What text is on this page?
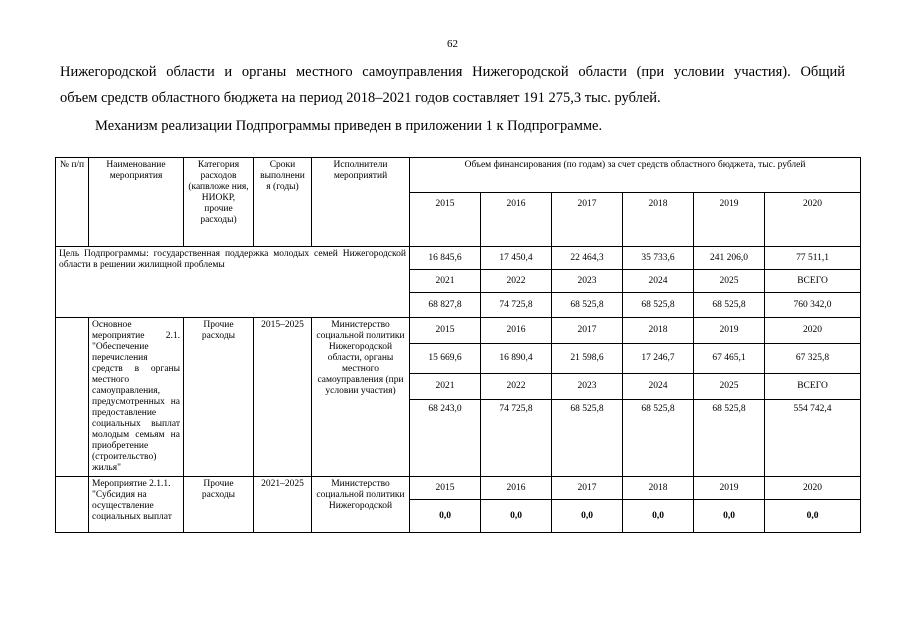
62
Нижегородской области и органы местного самоуправления Нижегородской области (при условии участия). Общий
объем средств областного бюджета на период 2018–2021 годов составляет 191 275,3 тыс. рублей.
Механизм реализации Подпрограммы приведен в приложении 1 к Подпрограмме.
№ п/п	Наименование мероприятия	Категория расходов (капвложе ния, НИОКР, прочие расходы)	Сроки выполнени я (годы)	Исполнители мероприятий	Объем финансирования (по годам) за счет средств областного бюджета, тыс. рублей					
					2015	2016	2017	2018	2019	2020
Цель Подпрограммы: государственная поддержка молодых семей Нижегородской области в решении жилищной проблемы					16 845,6	17 450,4	22 464,3	35 733,6	241 206,0	77 511,1
					2021	2022	2023	2024	2025	ВСЕГО
					68 827,8	74 725,8	68 525,8	68 525,8	68 525,8	760 342,0
	Основное мероприятие 2.1. "Обеспечение перечисления средств в органы местного самоуправления, предусмотренных на предоставление социальных выплат молодым семьям на приобретение (строительство) жилья"	Прочие расходы	2015–2025	Министерство социальной политики Нижегородской области, органы местного самоуправления (при условии участия)	2015	2016	2017	2018	2019	2020
					15 669,6	16 890,4	21 598,6	17 246,7	67 465,1	67 325,8
					2021	2022	2023	2024	2025	ВСЕГО
					68 243,0	74 725,8	68 525,8	68 525,8	68 525,8	554 742,4
	Мероприятие 2.1.1. "Субсидия на осуществление социальных выплат	Прочие расходы	2021–2025	Министерство социальной политики Нижегородской	2015	2016	2017	2018	2019	2020
					0,0	0,0	0,0	0,0	0,0	0,0
